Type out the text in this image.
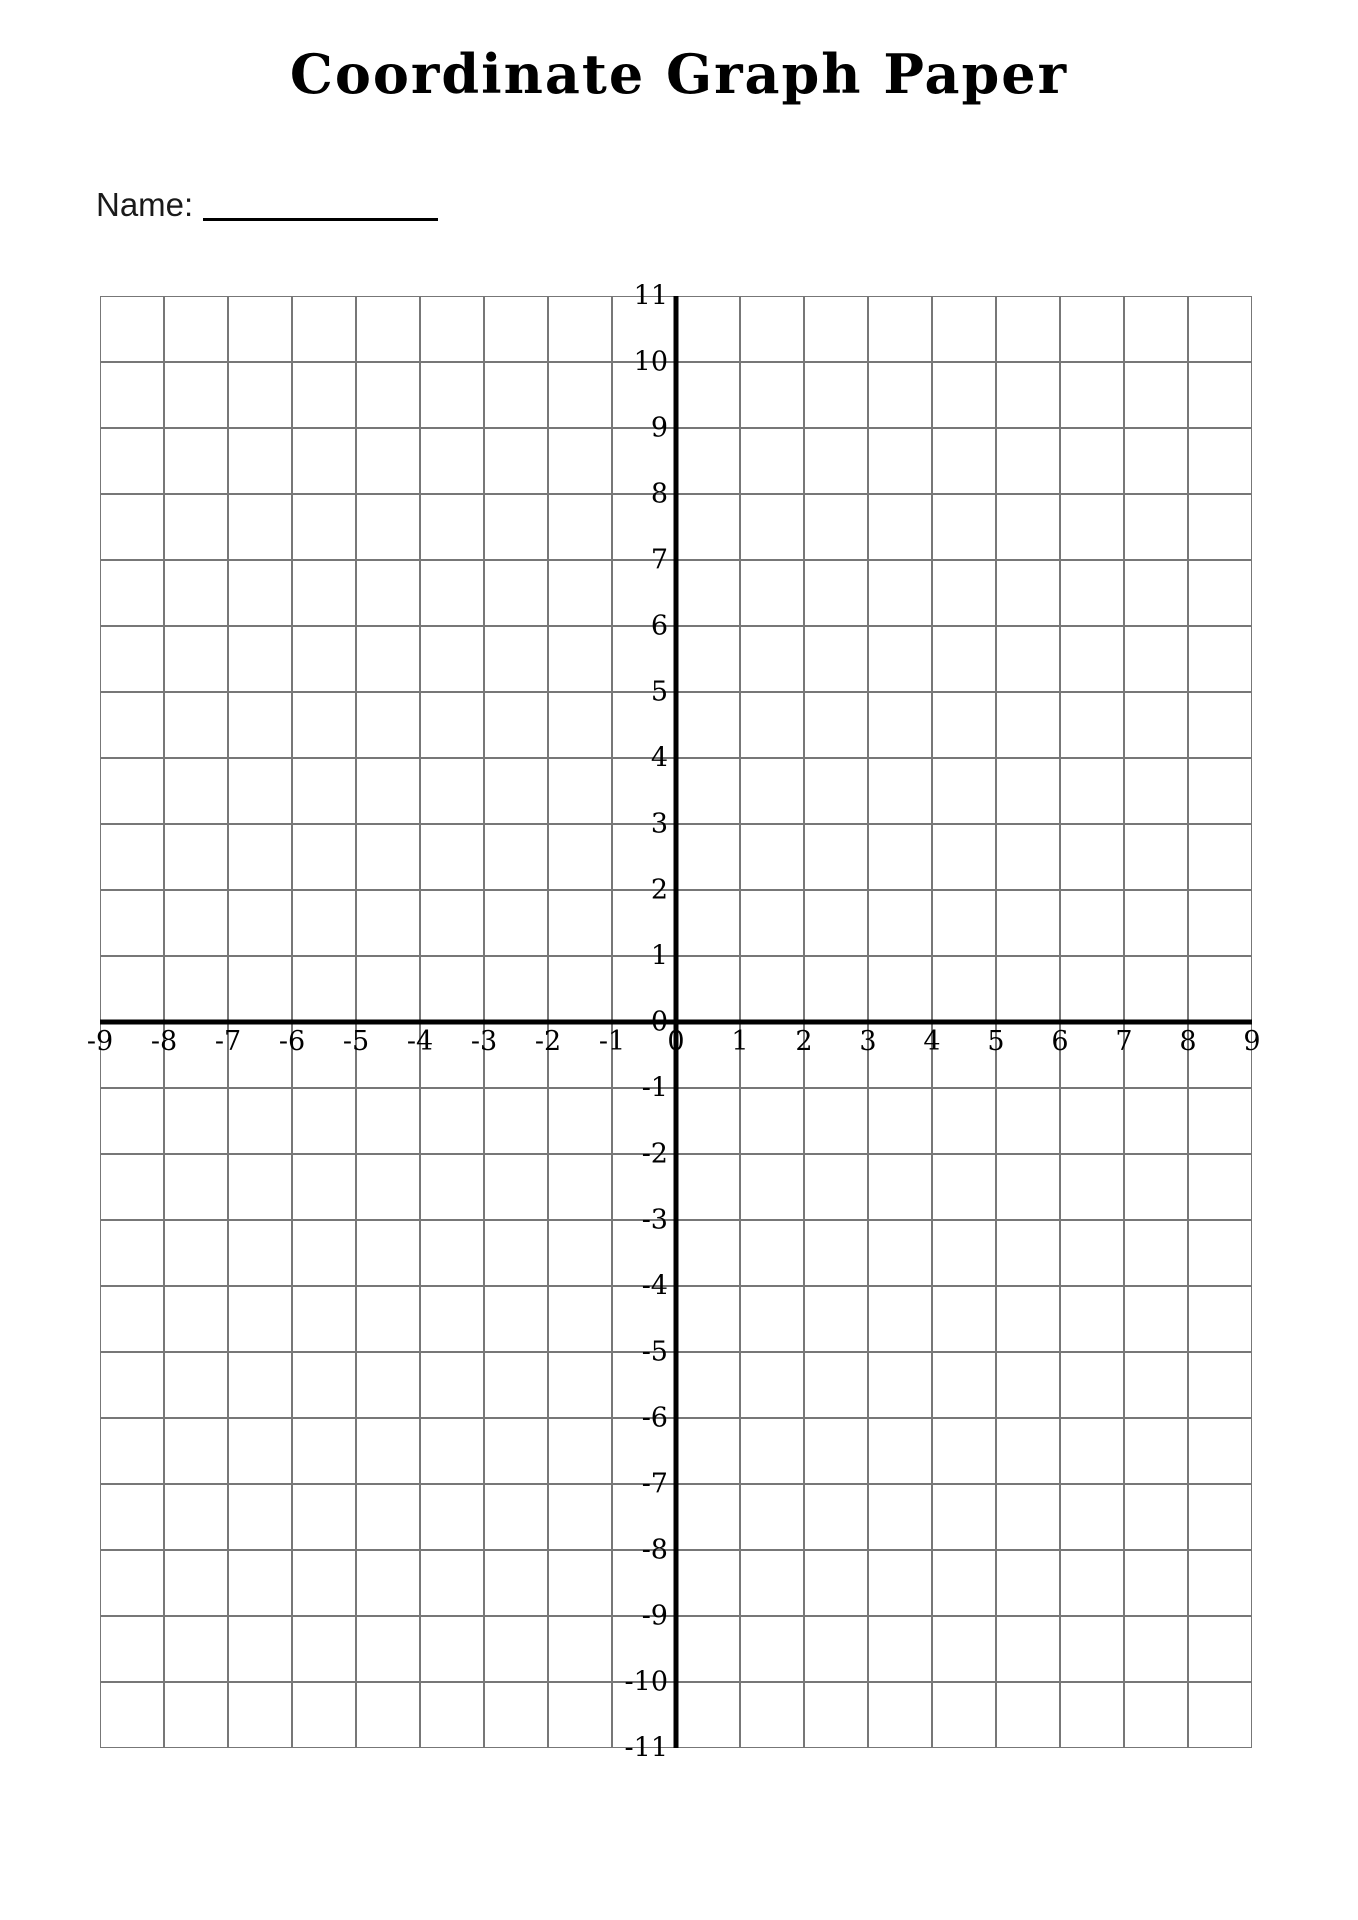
Coordinate Graph Paper
Name:
11
10
9
8
7
6
5
4
3
2
1
0
-1
-2
-3
-4
-5
-6
-7
-8
-9
-10
-11
-9 -8 -7 -6 -5 -4 -3 -2 -1 0 1 2 3 4 5 6 7 8 9
